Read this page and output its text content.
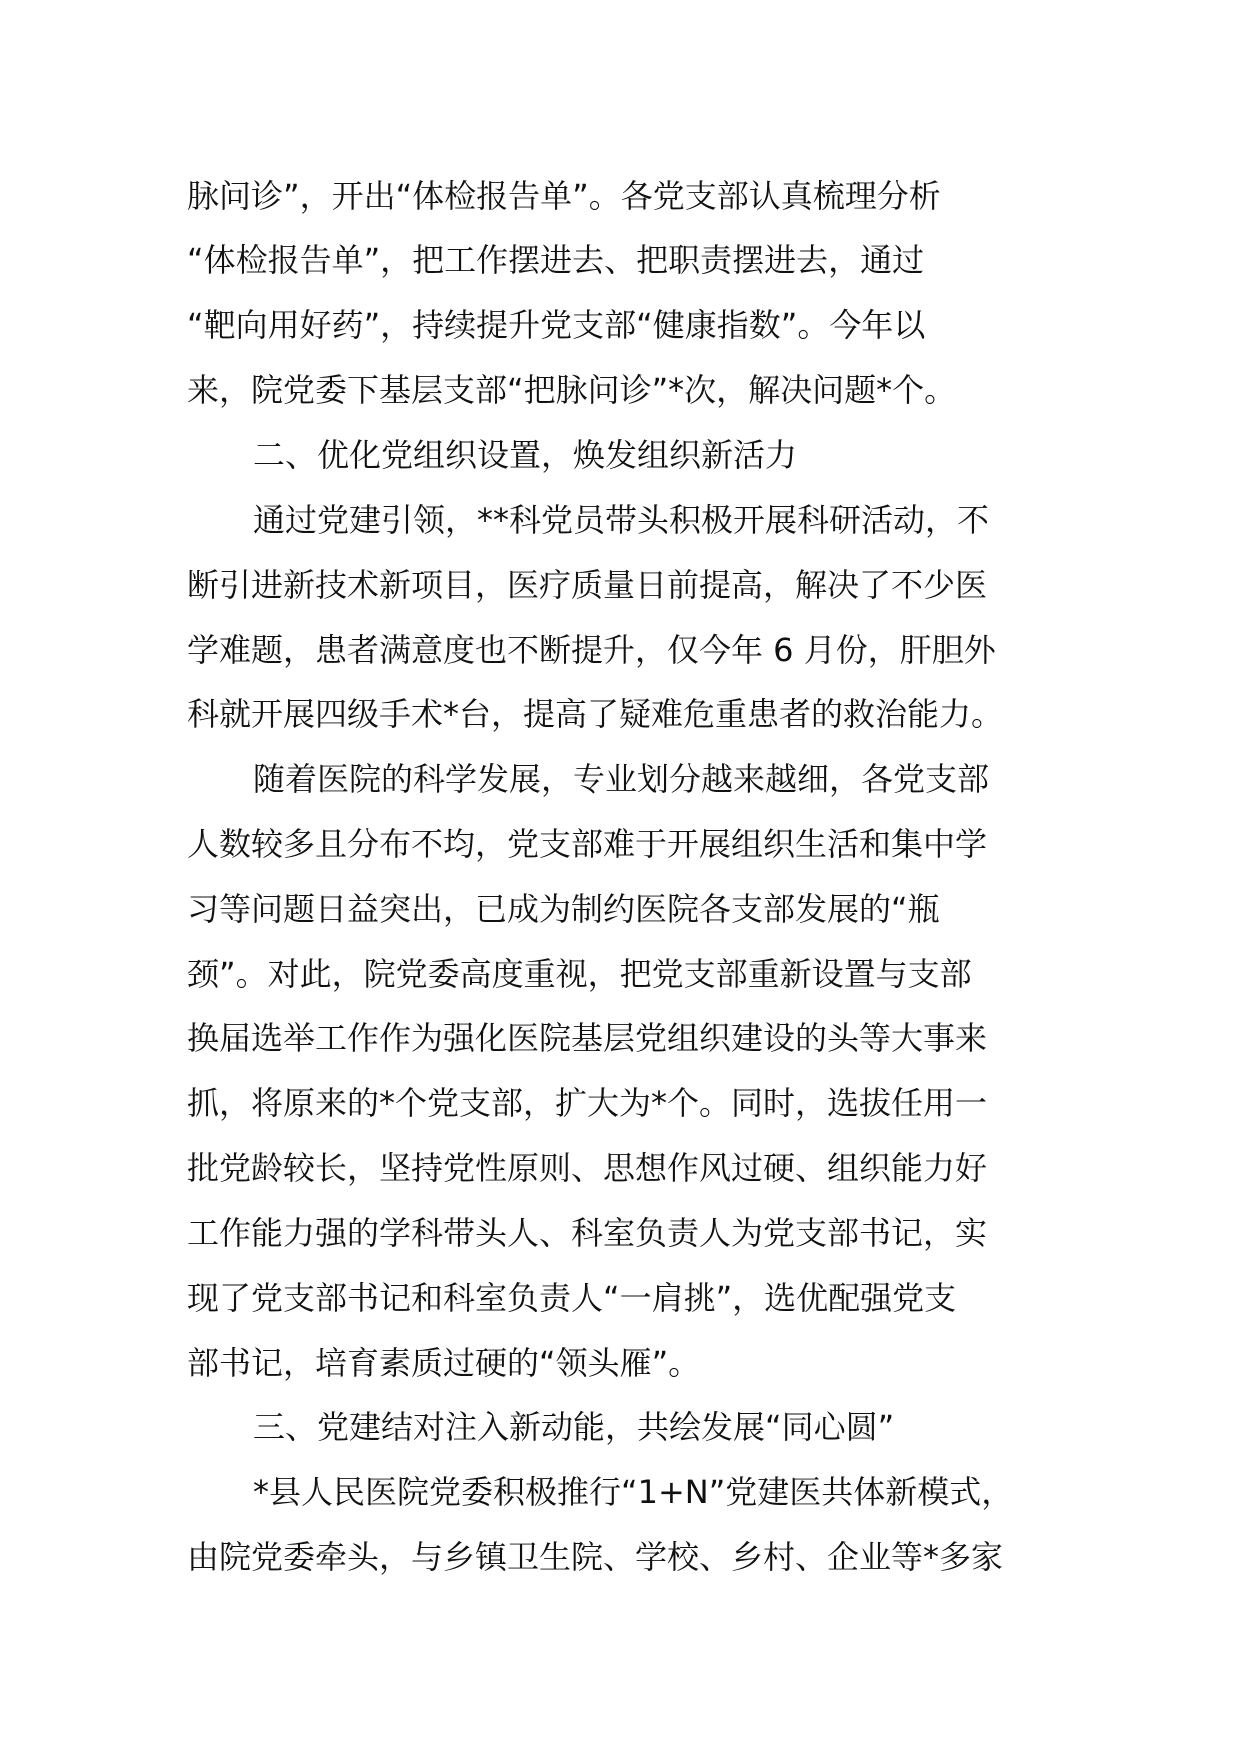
脉问诊”，开出“体检报告单”。各党支部认真梳理分析
“体检报告单”，把工作摆进去、把职责摆进去，通过
“靶向用好药”，持续提升党支部“健康指数”。今年以
来，院党委下基层支部“把脉问诊”*次，解决问题*个。
二、优化党组织设置，焕发组织新活力
通过党建引领，**科党员带头积极开展科研活动，不
断引进新技术新项目，医疗质量日前提高，解决了不少医
学难题，患者满意度也不断提升，仅今年 6 月份，肝胆外
科就开展四级手术*台，提高了疑难危重患者的救治能力。
随着医院的科学发展，专业划分越来越细，各党支部
人数较多且分布不均，党支部难于开展组织生活和集中学
习等问题日益突出，已成为制约医院各支部发展的“瓶
颈”。对此，院党委高度重视，把党支部重新设置与支部
换届选举工作作为强化医院基层党组织建设的头等大事来
抓，将原来的*个党支部，扩大为*个。同时，选拔任用一
批党龄较长，坚持党性原则、思想作风过硬、组织能力好
工作能力强的学科带头人、科室负责人为党支部书记，实
现了党支部书记和科室负责人“一肩挑”，选优配强党支
部书记，培育素质过硬的“领头雁”。
三、党建结对注入新动能，共绘发展“同心圆”
*县人民医院党委积极推行“1+N”党建医共体新模式，
由院党委牵头，与乡镇卫生院、学校、乡村、企业等*多家
